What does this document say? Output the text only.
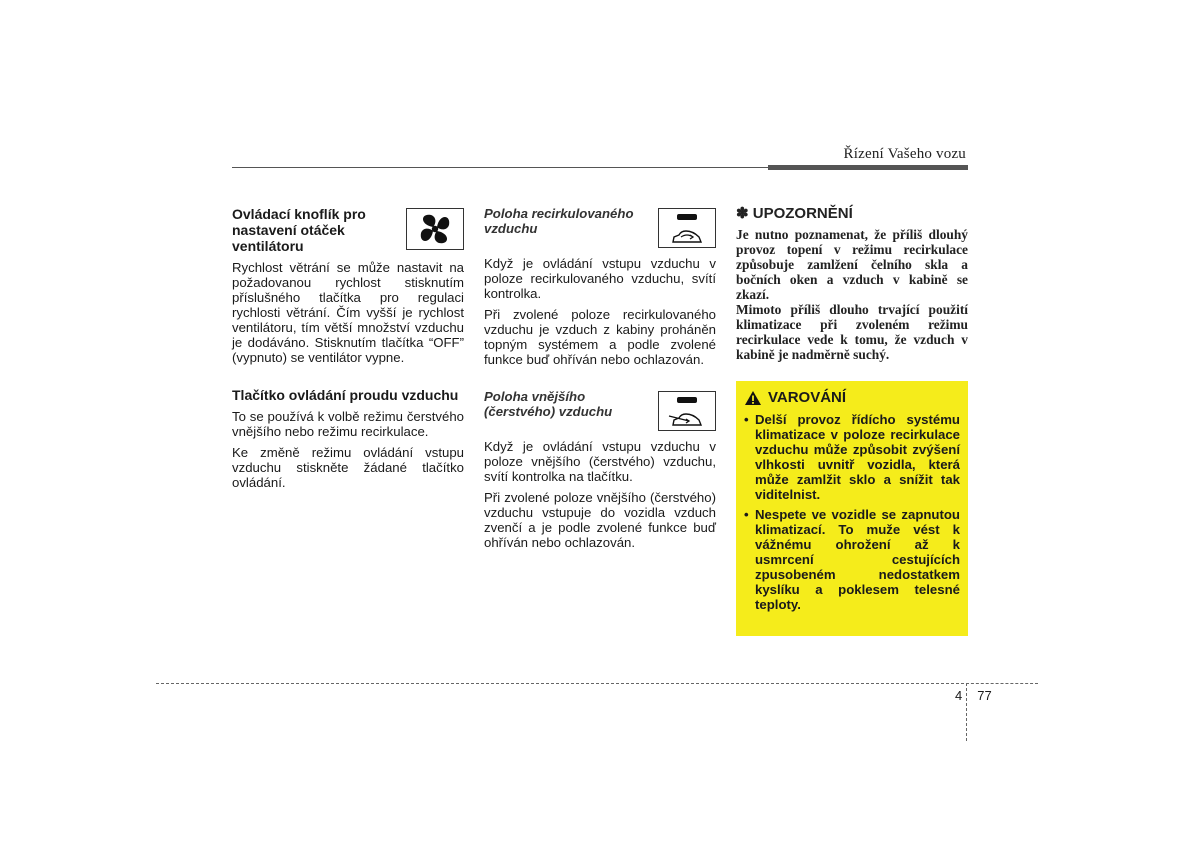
Řízení Vašeho vozu
Ovládací knoflík pro nastavení otáček ventilátoru

Rychlost větrání se může nastavit na požadovanou rychlost stisknutím příslušného tlačítka pro regulaci rychlosti větrání. Čím vyšší je rychlost ventilátoru, tím větší množství vzduchu je dodáváno. Stisknutím tlačítka “OFF” (vypnuto) se ventilátor vypne.

Tlačítko ovládání proudu vzduchu

To se používá k volbě režimu čerstvého vnějšího nebo režimu recirkulace.

Ke změně režimu ovládání vstupu vzduchu stiskněte žádané tlačítko ovládání.

Poloha recirkulovaného vzduchu

Když je ovládání vstupu vzduchu v poloze recirkulovaného vzduchu, svítí kontrolka.

Při zvolené poloze recirkulovaného vzduchu je vzduch z kabiny proháněn topným systémem a podle zvolené funkce buď ohříván nebo ochlazován.

Poloha vnějšího (čerstvého) vzduchu

Když je ovládání vstupu vzduchu v poloze vnějšího (čerstvého) vzduchu, svítí kontrolka na tlačítku.

Při zvolené poloze vnějšího (čerstvého) vzduchu vstupuje do vozidla vzduch zvenčí a je podle zvolené funkce buď ohříván nebo ochlazován.

✽ UPOZORNĚNÍ

Je nutno poznamenat, že příliš dlouhý provoz topení v režimu recirkulace způsobuje zamlžení čelního skla a bočních oken a vzduch v kabině se zkazí.

Mimoto příliš dlouho trvající použití klimatizace při zvoleném režimu recirkulace vede k tomu, že vzduch v kabině je nadměrně suchý.

VAROVÁNÍ
• Delší provoz řídícho systému klimatizace v poloze recirkulace vzduchu může způsobit zvýšení vlhkosti uvnitř vozidla, která může zamlžit sklo a snížit tak viditelnist.
• Nespete ve vozidle se zapnutou klimatizací. To muže vést k vážnému ohrožení až k usmrcení cestujících zpusobeném nedostatkem kyslíku a poklesem telesné teploty.
4 77
